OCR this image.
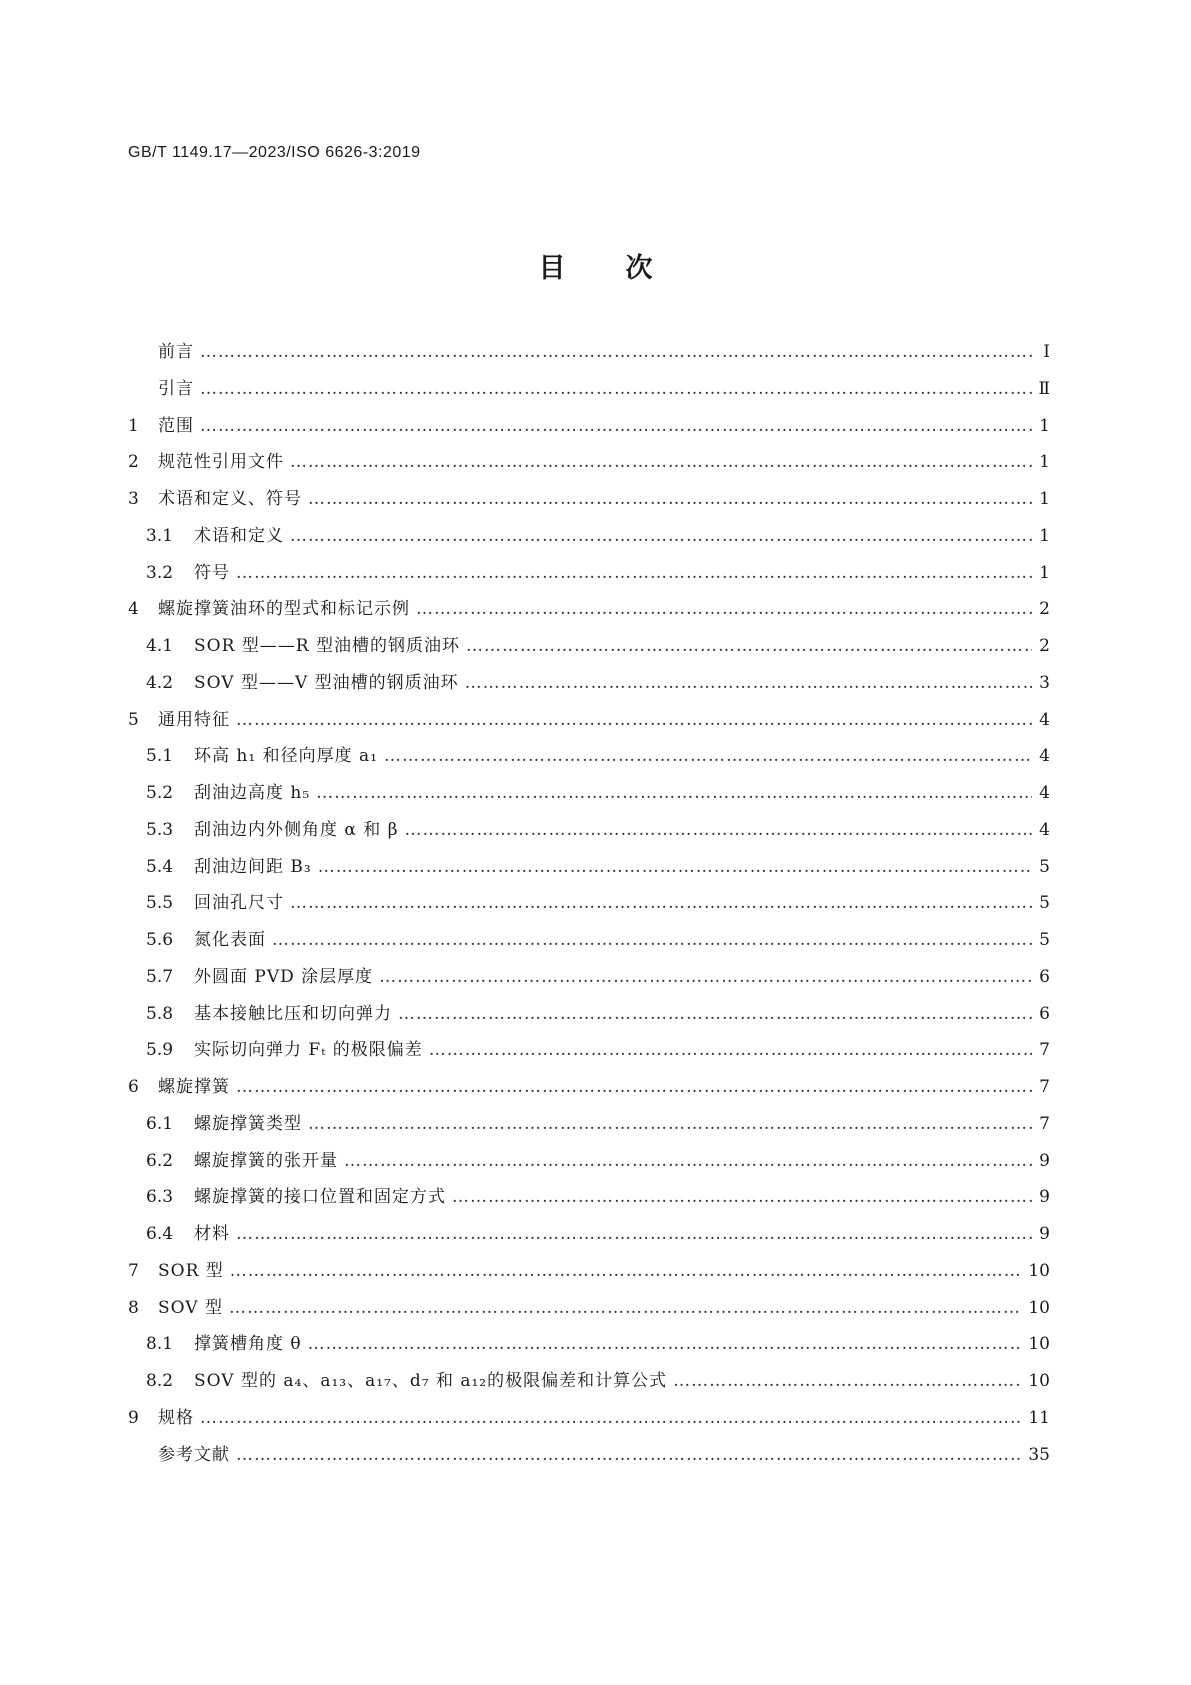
GB/T 1149.17—2023/ISO 6626-3:2019
目次
前言 …………………………………………………………………………………………………………………………………………………………………………………………	Ⅰ
引言 …………………………………………………………………………………………………………………………………………………………………………………………	Ⅱ
1	范围 …………………………………………………………………………………………………………………………………………………………………………………………	1
2	规范性引用文件 …………………………………………………………………………………………………………………………………………………………………………………………	1
3	术语和定义、符号 …………………………………………………………………………………………………………………………………………………………………………………………	1
3.1	术语和定义 …………………………………………………………………………………………………………………………………………………………………………………………	1
3.2	符号 …………………………………………………………………………………………………………………………………………………………………………………………	1
4	螺旋撑簧油环的型式和标记示例 …………………………………………………………………………………………………………………………………………………………………………………………	2
4.1	SOR 型——R 型油槽的钢质油环 …………………………………………………………………………………………………………………………………………………………………………………………	2
4.2	SOV 型——V 型油槽的钢质油环 …………………………………………………………………………………………………………………………………………………………………………………………	3
5	通用特征 …………………………………………………………………………………………………………………………………………………………………………………………	4
5.1	环高 h₁ 和径向厚度 a₁ …………………………………………………………………………………………………………………………………………………………………………………………	4
5.2	刮油边高度 h₅ …………………………………………………………………………………………………………………………………………………………………………………………	4
5.3	刮油边内外侧角度 α 和 β …………………………………………………………………………………………………………………………………………………………………………………………	4
5.4	刮油边间距 B₃ …………………………………………………………………………………………………………………………………………………………………………………………	5
5.5	回油孔尺寸 …………………………………………………………………………………………………………………………………………………………………………………………	5
5.6	氮化表面 …………………………………………………………………………………………………………………………………………………………………………………………	5
5.7	外圆面 PVD 涂层厚度 …………………………………………………………………………………………………………………………………………………………………………………………	6
5.8	基本接触比压和切向弹力 …………………………………………………………………………………………………………………………………………………………………………………………	6
5.9	实际切向弹力 Fₜ 的极限偏差 …………………………………………………………………………………………………………………………………………………………………………………………	7
6	螺旋撑簧 …………………………………………………………………………………………………………………………………………………………………………………………	7
6.1	螺旋撑簧类型 …………………………………………………………………………………………………………………………………………………………………………………………	7
6.2	螺旋撑簧的张开量 …………………………………………………………………………………………………………………………………………………………………………………………	9
6.3	螺旋撑簧的接口位置和固定方式 …………………………………………………………………………………………………………………………………………………………………………………………	9
6.4	材料 …………………………………………………………………………………………………………………………………………………………………………………………	9
7	SOR 型 …………………………………………………………………………………………………………………………………………………………………………………………	10
8	SOV 型 …………………………………………………………………………………………………………………………………………………………………………………………	10
8.1	撑簧槽角度 θ …………………………………………………………………………………………………………………………………………………………………………………………	10
8.2	SOV 型的 a₄、a₁₃、a₁₇、d₇ 和 a₁₂的极限偏差和计算公式 …………………………………………………………………………………………………………………………………………………………………………………………	10
9	规格 …………………………………………………………………………………………………………………………………………………………………………………………	11
参考文献 …………………………………………………………………………………………………………………………………………………………………………………………	35
